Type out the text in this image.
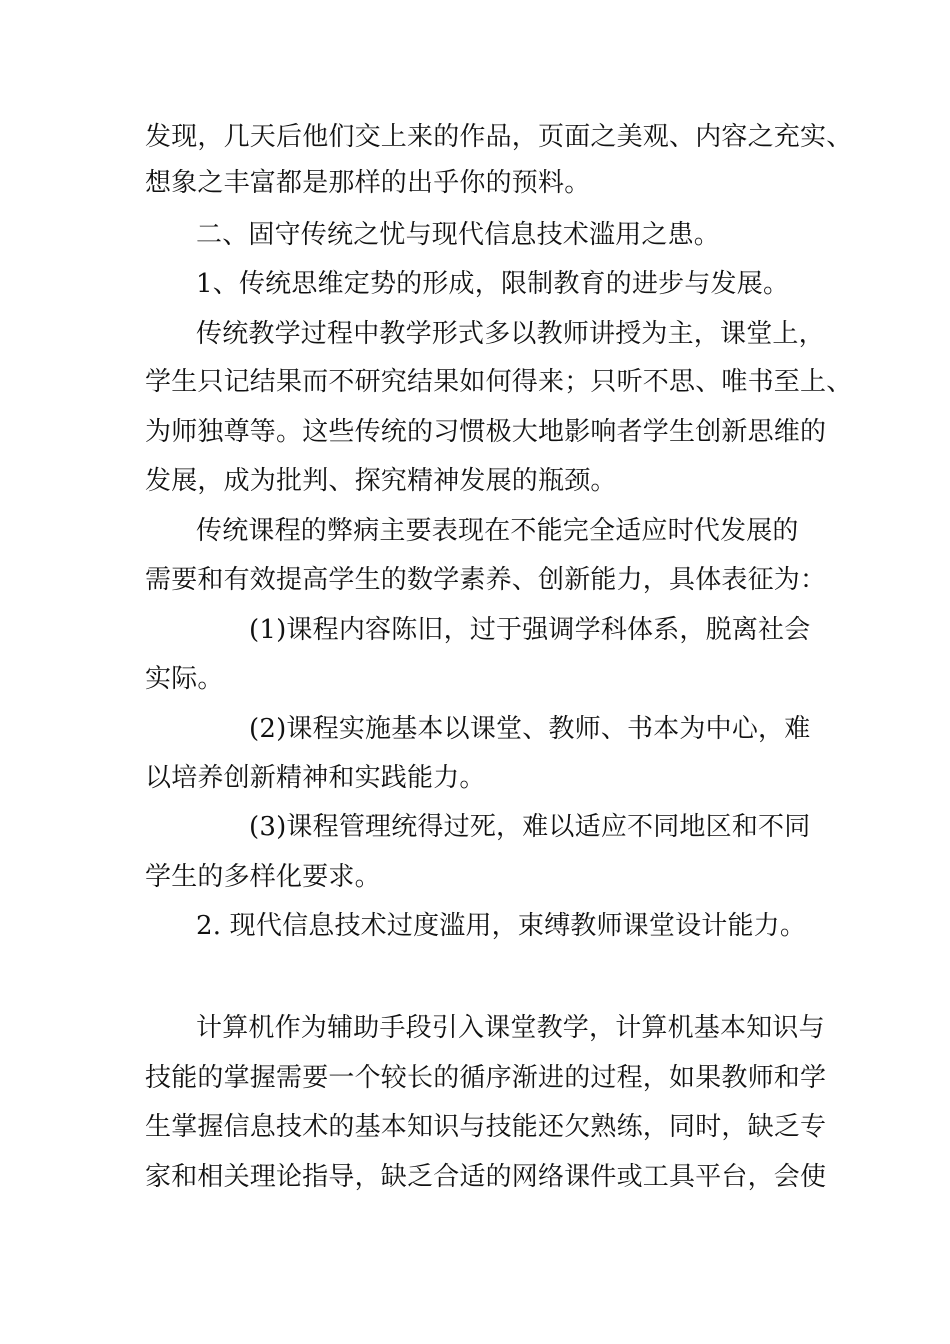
发现，几天后他们交上来的作品，页面之美观、内容之充实、
想象之丰富都是那样的出乎你的预料。
二、固守传统之忧与现代信息技术滥用之患。
1、传统思维定势的形成，限制教育的进步与发展。
传统教学过程中教学形式多以教师讲授为主，课堂上，
学生只记结果而不研究结果如何得来；只听不思、唯书至上、
为师独尊等。这些传统的习惯极大地影响者学生创新思维的
发展，成为批判、探究精神发展的瓶颈。
传统课程的弊病主要表现在不能完全适应时代发展的
需要和有效提高学生的数学素养、创新能力，具体表征为：
(1)课程内容陈旧，过于强调学科体系，脱离社会
实际。
(2)课程实施基本以课堂、教师、书本为中心，难
以培养创新精神和实践能力。
(3)课程管理统得过死，难以适应不同地区和不同
学生的多样化要求。
2. 现代信息技术过度滥用，束缚教师课堂设计能力。
计算机作为辅助手段引入课堂教学，计算机基本知识与
技能的掌握需要一个较长的循序渐进的过程，如果教师和学
生掌握信息技术的基本知识与技能还欠熟练，同时，缺乏专
家和相关理论指导，缺乏合适的网络课件或工具平台，会使
